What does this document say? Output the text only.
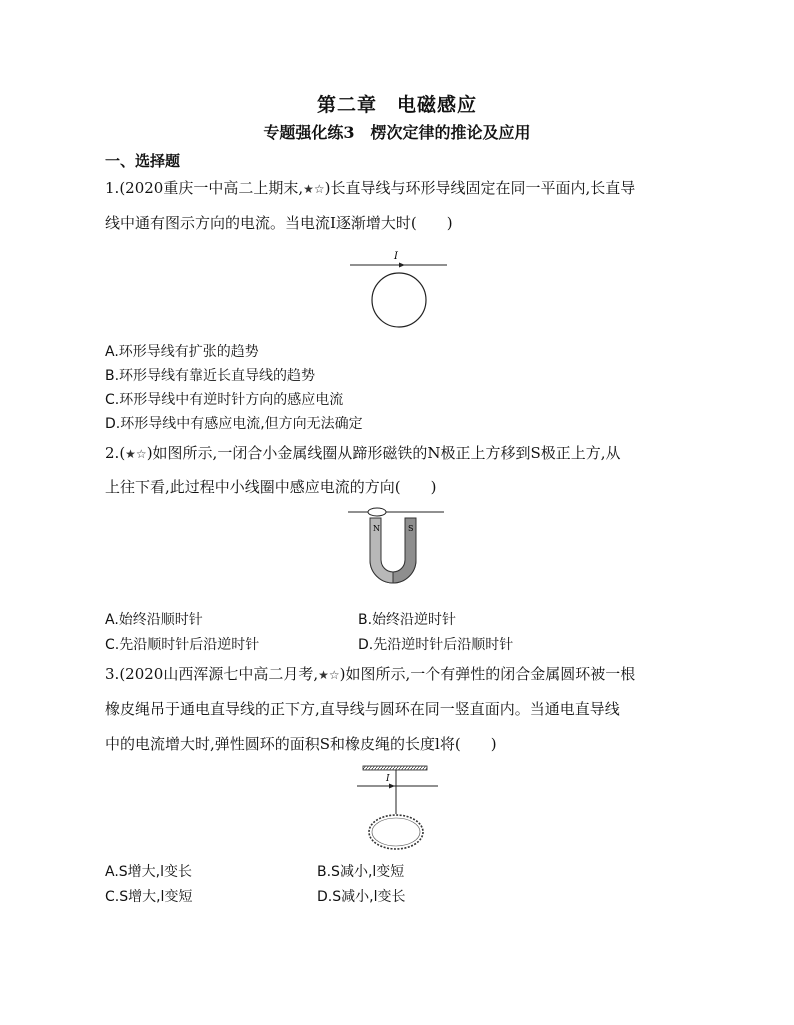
第二章　电磁感应
专题强化练3　楞次定律的推论及应用
一、选择题
1.(2020重庆一中高二上期末,★☆)长直导线与环形导线固定在同一平面内,长直导
线中通有图示方向的电流。当电流I逐渐增大时(　　)
I
A.环形导线有扩张的趋势
B.环形导线有靠近长直导线的趋势
C.环形导线中有逆时针方向的感应电流
D.环形导线中有感应电流,但方向无法确定
2.(★☆)如图所示,一闭合小金属线圈从蹄形磁铁的N极正上方移到S极正上方,从
上往下看,此过程中小线圈中感应电流的方向(　　)
N	S
A.始终沿顺时针	B.始终沿逆时针
C.先沿顺时针后沿逆时针	D.先沿逆时针后沿顺时针
3.(2020山西浑源七中高二月考,★☆)如图所示,一个有弹性的闭合金属圆环被一根
橡皮绳吊于通电直导线的正下方,直导线与圆环在同一竖直面内。当通电直导线
中的电流增大时,弹性圆环的面积S和橡皮绳的长度l将(　　)
I
A.S增大,l变长	B.S减小,l变短
C.S增大,l变短	D.S减小,l变长
